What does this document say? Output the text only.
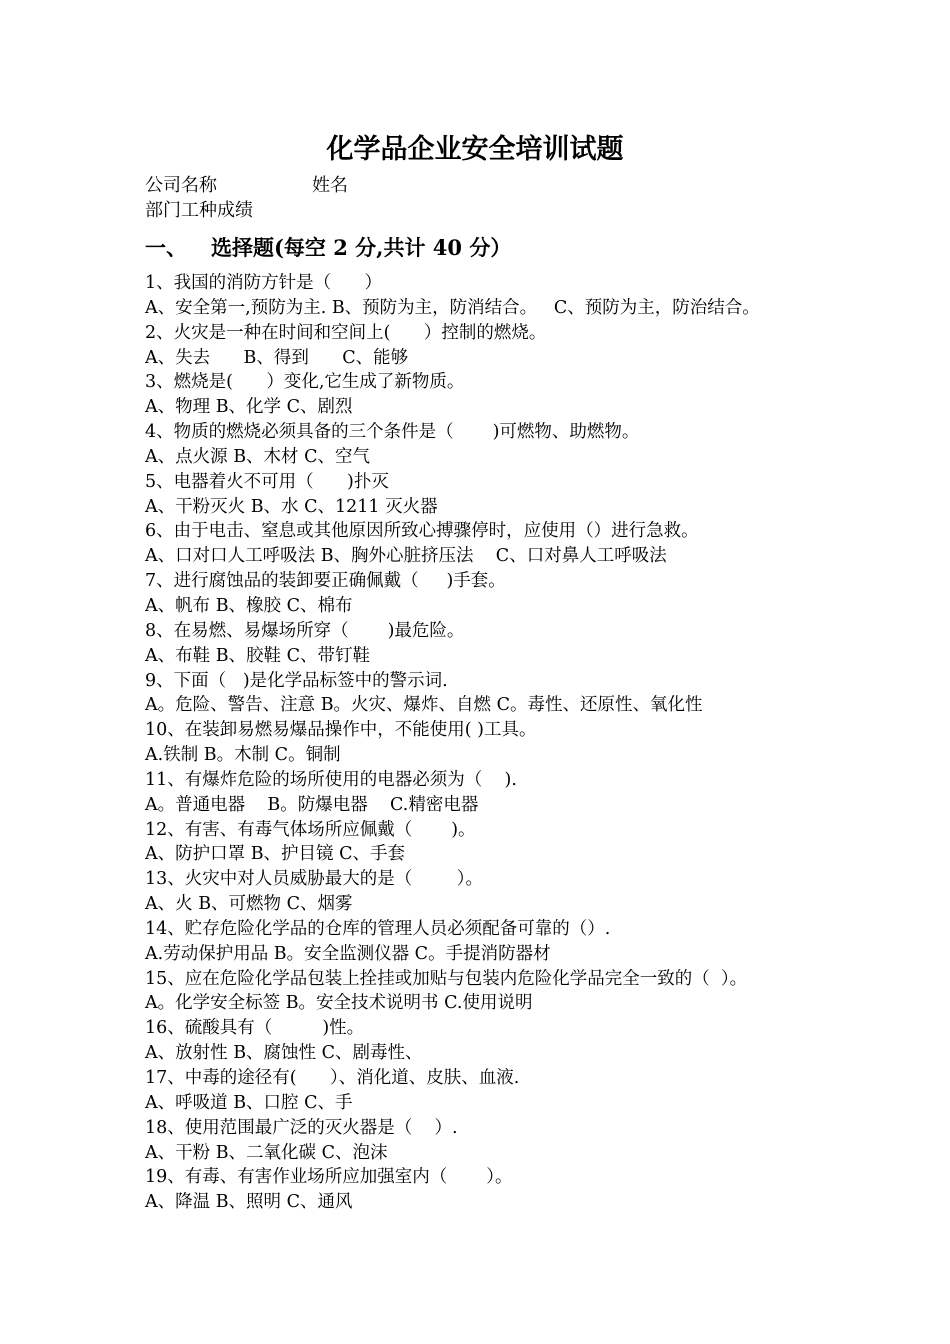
化学品企业安全培训试题
公司名称	姓名
部门工种成绩
一、 选择题(每空 2 分,共计 40 分）
1、我国的消防方针是（      ）
A、安全第一,预防为主. B、预防为主，防消结合。   C、预防为主，防治结合。
2、火灾是一种在时间和空间上(      ）控制的燃烧。
A、失去      B、得到      C、能够
3、燃烧是(      ）变化,它生成了新物质。
A、物理 B、化学 C、剧烈
4、物质的燃烧必须具备的三个条件是（       )可燃物、助燃物。
A、点火源 B、木材 C、空气
5、电器着火不可用（      )扑灭
A、干粉灭火 B、水 C、1211 灭火器
6、由于电击、窒息或其他原因所致心搏骤停时，应使用（）进行急救。
A、口对口人工呼吸法 B、胸外心脏挤压法    C、口对鼻人工呼吸法
7、进行腐蚀品的装卸要正确佩戴（     )手套。
A、帆布 B、橡胶 C、棉布
8、在易燃、易爆场所穿（       )最危险。
A、布鞋 B、胶鞋 C、带钉鞋
9、下面（   )是化学品标签中的警示词.
A。危险、警告、注意 B。火灾、爆炸、自燃 C。毒性、还原性、氧化性
10、在装卸易燃易爆品操作中，不能使用( )工具。
A.铁制 B。木制 C。铜制
11、有爆炸危险的场所使用的电器必须为（    ).
A。普通电器    B。防爆电器    C.精密电器
12、有害、有毒气体场所应佩戴（       )。
A、防护口罩 B、护目镜 C、手套
13、火灾中对人员威胁最大的是（        ）。
A、火 B、可燃物 C、烟雾
14、贮存危险化学品的仓库的管理人员必须配备可靠的（）.
A.劳动保护用品 B。安全监测仪器 C。手提消防器材
15、应在危险化学品包装上拴挂或加贴与包装内危险化学品完全一致的（  ）。
A。化学安全标签 B。安全技术说明书 C.使用说明
16、硫酸具有（         )性。
A、放射性 B、腐蚀性 C、剧毒性、
17、中毒的途径有(      ）、消化道、皮肤、血液.
A、呼吸道 B、口腔 C、手
18、使用范围最广泛的灭火器是（    ）.
A、干粉 B、二氧化碳 C、泡沫
19、有毒、有害作业场所应加强室内（       ）。
A、降温 B、照明 C、通风
